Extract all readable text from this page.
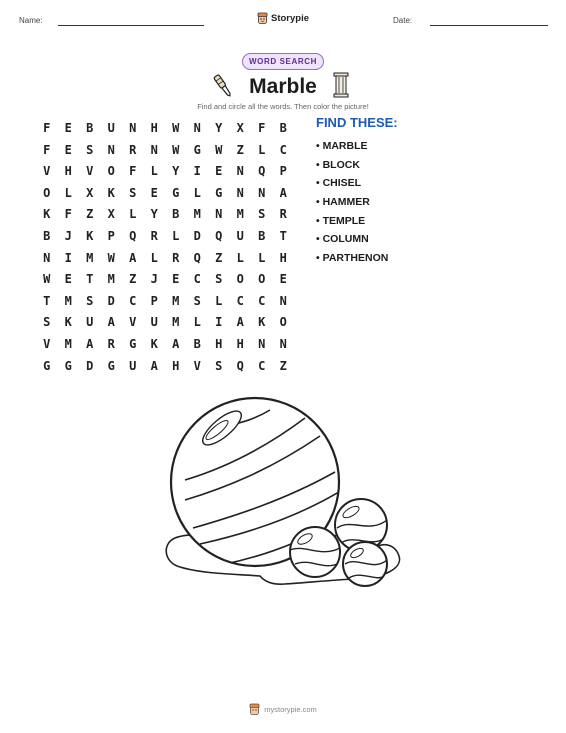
Name:	Storypie	Date:
WORD SEARCH
Marble
Find and circle all the words. Then color the picture!
F	E	B	U	N	H	W	N	Y	X	F	B
F	E	S	N	R	N	W	G	W	Z	L	C
V	H	V	O	F	L	Y	I	E	N	Q	P
O	L	X	K	S	E	G	L	G	N	N	A
K	F	Z	X	L	Y	B	M	N	M	S	R
B	J	K	P	Q	R	L	D	Q	U	B	T
N	I	M	W	A	L	R	Q	Z	L	L	H
W	E	T	M	Z	J	E	C	S	O	O	E
T	M	S	D	C	P	M	S	L	C	C	N
S	K	U	A	V	U	M	L	I	A	K	O
V	M	A	R	G	K	A	B	H	H	N	N
G	G	D	G	U	A	H	V	S	Q	C	Z
FIND THESE:
• MARBLE
• BLOCK
• CHISEL
• HAMMER
• TEMPLE
• COLUMN
• PARTHENON
mystorypie.com
